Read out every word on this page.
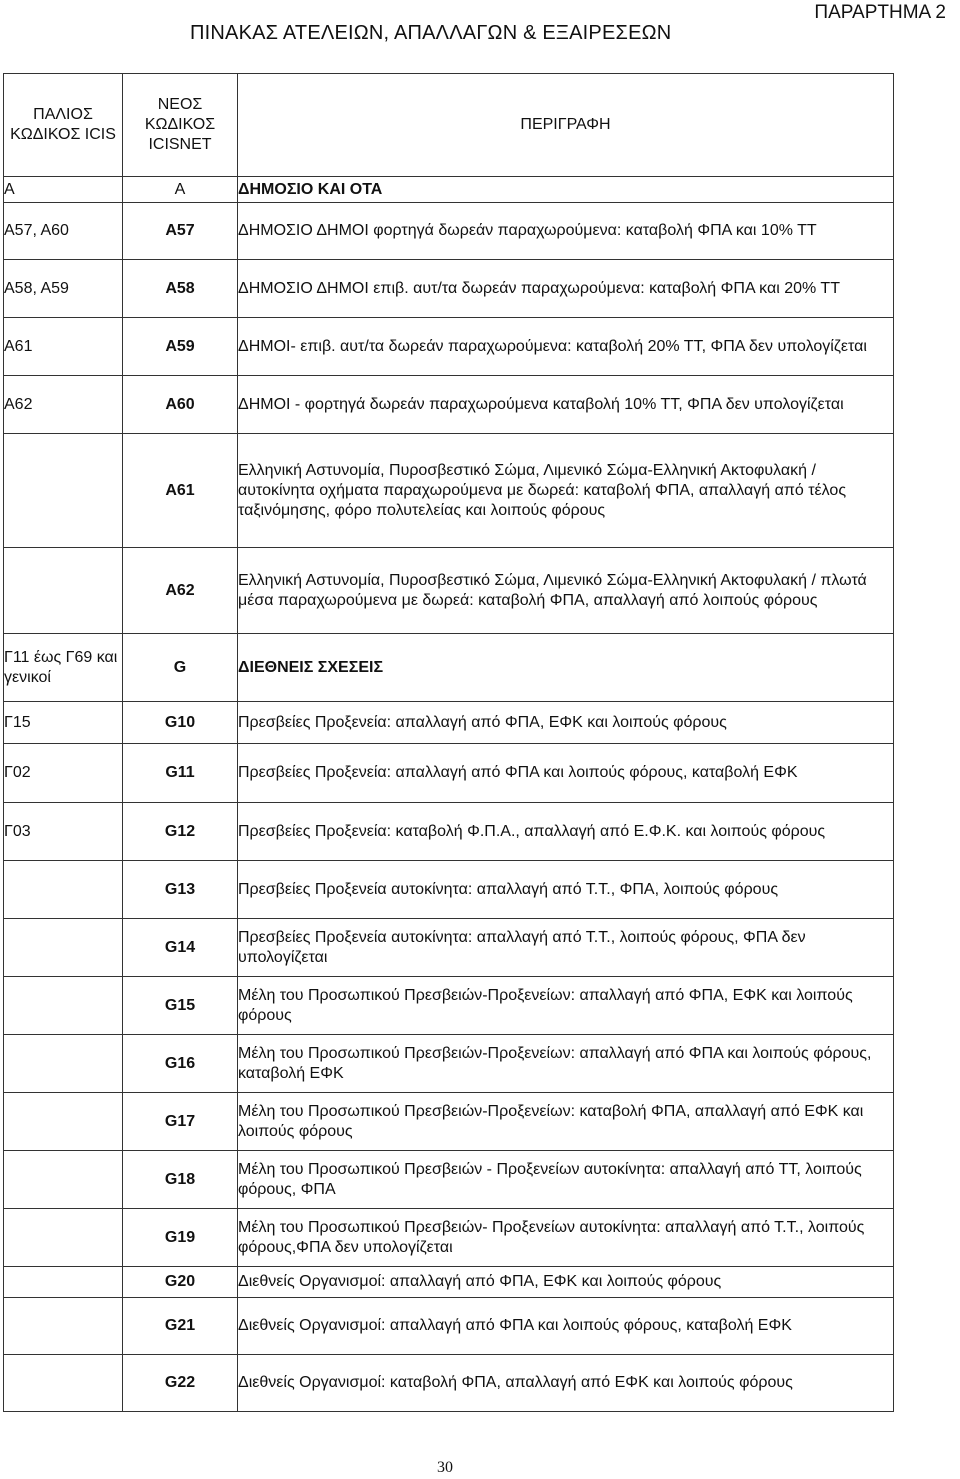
ΠΙΝΑΚΑΣ ΑΤΕΛΕΙΩΝ, ΑΠΑΛΛΑΓΩΝ & ΕΞΑΙΡΕΣΕΩΝ
ΠΑΡΑΡΤΗΜΑ 2
ΠΑΛΙΟΣ ΚΩΔΙΚΟΣ ICIS	ΝΕΟΣ ΚΩΔΙΚΟΣ ICISNET	ΠΕΡΙΓΡΑΦΗ
A	A	ΔΗΜΟΣΙΟ ΚΑΙ ΟΤΑ
A57, A60	A57	ΔΗΜΟΣΙΟ ΔΗΜΟΙ φορτηγά δωρεάν παραχωρούμενα: καταβολή ΦΠΑ και 10% ΤΤ
A58, A59	A58	ΔΗΜΟΣΙΟ ΔΗΜΟΙ επιβ. αυτ/τα δωρεάν παραχωρούμενα: καταβολή ΦΠΑ και 20% ΤΤ
A61	A59	ΔΗΜΟΙ- επιβ. αυτ/τα δωρεάν παραχωρούμενα: καταβολή 20% ΤΤ, ΦΠΑ δεν υπολογίζεται
A62	A60	ΔΗΜΟΙ - φορτηγά δωρεάν παραχωρούμενα καταβολή 10% ΤΤ, ΦΠΑ δεν υπολογίζεται
	A61	Ελληνική Αστυνομία, Πυροσβεστικό Σώμα, Λιμενικό Σώμα-Ελληνική Ακτοφυλακή / αυτοκίνητα οχήματα παραχωρούμενα με δωρεά: καταβολή ΦΠΑ, απαλλαγή από τέλος ταξινόμησης, φόρο πολυτελείας και λοιπούς φόρους
	A62	Ελληνική Αστυνομία, Πυροσβεστικό Σώμα, Λιμενικό Σώμα-Ελληνική Ακτοφυλακή / πλωτά μέσα παραχωρούμενα με δωρεά: καταβολή ΦΠΑ, απαλλαγή από λοιπούς φόρους
Γ11 έως Γ69 και γενικοί	G	ΔΙΕΘΝΕΙΣ ΣΧΕΣΕΙΣ
Γ15	G10	Πρεσβείες Προξενεία: απαλλαγή από ΦΠΑ, ΕΦΚ και λοιπούς φόρους
Γ02	G11	Πρεσβείες Προξενεία: απαλλαγή από ΦΠΑ και λοιπούς φόρους, καταβολή ΕΦΚ
Γ03	G12	Πρεσβείες Προξενεία: καταβολή Φ.Π.Α., απαλλαγή από Ε.Φ.Κ. και λοιπούς φόρους
	G13	Πρεσβείες Προξενεία αυτοκίνητα: απαλλαγή από Τ.Τ., ΦΠΑ, λοιπούς φόρους
	G14	Πρεσβείες Προξενεία αυτοκίνητα: απαλλαγή από Τ.Τ., λοιπούς φόρους, ΦΠΑ δεν υπολογίζεται
	G15	Μέλη του Προσωπικού Πρεσβειών-Προξενείων: απαλλαγή από ΦΠΑ, ΕΦΚ και λοιπούς φόρους
	G16	Μέλη του Προσωπικού Πρεσβειών-Προξενείων: απαλλαγή από ΦΠΑ και λοιπούς φόρους, καταβολή ΕΦΚ
	G17	Μέλη του Προσωπικού Πρεσβειών-Προξενείων: καταβολή ΦΠΑ, απαλλαγή από ΕΦΚ και λοιπούς φόρους
	G18	Μέλη του Προσωπικού Πρεσβειών - Προξενείων αυτοκίνητα: απαλλαγή από ΤΤ, λοιπούς φόρους, ΦΠΑ
	G19	Μέλη του Προσωπικού Πρεσβειών- Προξενείων αυτοκίνητα: απαλλαγή από Τ.Τ., λοιπούς φόρους,ΦΠΑ δεν υπολογίζεται
	G20	Διεθνείς Οργανισμοί: απαλλαγή από ΦΠΑ, ΕΦΚ και λοιπούς φόρους
	G21	Διεθνείς Οργανισμοί: απαλλαγή από ΦΠΑ και λοιπούς φόρους, καταβολή ΕΦΚ
	G22	Διεθνείς Οργανισμοί: καταβολή ΦΠΑ, απαλλαγή από ΕΦΚ και λοιπούς φόρους
30
